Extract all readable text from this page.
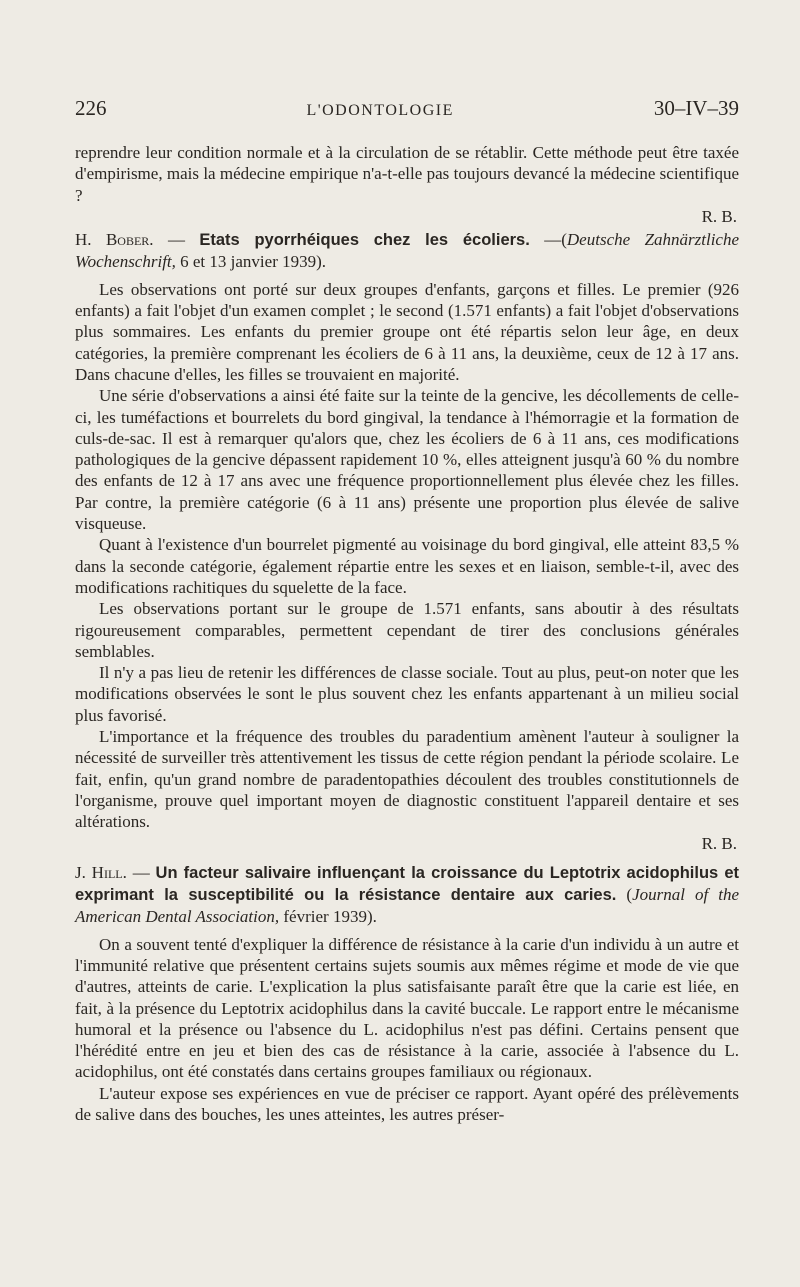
226	L'ODONTOLOGIE	30–IV–39

reprendre leur condition normale et à la circulation de se rétablir. Cette méthode peut être taxée d'empirisme, mais la médecine empirique n'a-t-elle pas toujours devancé la médecine scientifique ?

R. B.
H. Bober. — Etats pyorrhéiques chez les écoliers. —(Deutsche Zahnärztliche Wochenschrift, 6 et 13 janvier 1939).

Les observations ont porté sur deux groupes d'enfants, garçons et filles. Le premier (926 enfants) a fait l'objet d'un examen complet ; le second (1.571 enfants) a fait l'objet d'observations plus sommaires. Les enfants du premier groupe ont été répartis selon leur âge, en deux catégories, la première comprenant les écoliers de 6 à 11 ans, la deuxième, ceux de 12 à 17 ans. Dans chacune d'elles, les filles se trouvaient en majorité.

Une série d'observations a ainsi été faite sur la teinte de la gencive, les décollements de celle-ci, les tuméfactions et bourrelets du bord gingival, la tendance à l'hémorragie et la formation de culs-de-sac. Il est à remarquer qu'alors que, chez les écoliers de 6 à 11 ans, ces modifications pathologiques de la gencive dépassent rapidement 10 %, elles atteignent jusqu'à 60 % du nombre des enfants de 12 à 17 ans avec une fréquence proportionnellement plus élevée chez les filles. Par contre, la première catégorie (6 à 11 ans) présente une proportion plus élevée de salive visqueuse.

Quant à l'existence d'un bourrelet pigmenté au voisinage du bord gingival, elle atteint 83,5 % dans la seconde catégorie, également répartie entre les sexes et en liaison, semble-t-il, avec des modifications rachitiques du squelette de la face.

Les observations portant sur le groupe de 1.571 enfants, sans aboutir à des résultats rigoureusement comparables, permettent cependant de tirer des conclusions générales semblables.

Il n'y a pas lieu de retenir les différences de classe sociale. Tout au plus, peut-on noter que les modifications observées le sont le plus souvent chez les enfants appartenant à un milieu social plus favorisé.

L'importance et la fréquence des troubles du paradentium amènent l'auteur à souligner la nécessité de surveiller très attentivement les tissus de cette région pendant la période scolaire. Le fait, enfin, qu'un grand nombre de paradentopathies découlent des troubles constitutionnels de l'organisme, prouve quel important moyen de diagnostic constituent l'appareil dentaire et ses altérations.

R. B.
J. Hill. — Un facteur salivaire influençant la croissance du Leptotrix acidophilus et exprimant la susceptibilité ou la résistance dentaire aux caries. (Journal of the American Dental Association, février 1939).

On a souvent tenté d'expliquer la différence de résistance à la carie d'un individu à un autre et l'immunité relative que présentent certains sujets soumis aux mêmes régime et mode de vie que d'autres, atteints de carie. L'explication la plus satisfaisante paraît être que la carie est liée, en fait, à la présence du Leptotrix acidophilus dans la cavité buccale. Le rapport entre le mécanisme humoral et la présence ou l'absence du L. acidophilus n'est pas défini. Certains pensent que l'hérédité entre en jeu et bien des cas de résistance à la carie, associée à l'absence du L. acidophilus, ont été constatés dans certains groupes familiaux ou régionaux.

L'auteur expose ses expériences en vue de préciser ce rapport. Ayant opéré des prélèvements de salive dans des bouches, les unes atteintes, les autres préser-
